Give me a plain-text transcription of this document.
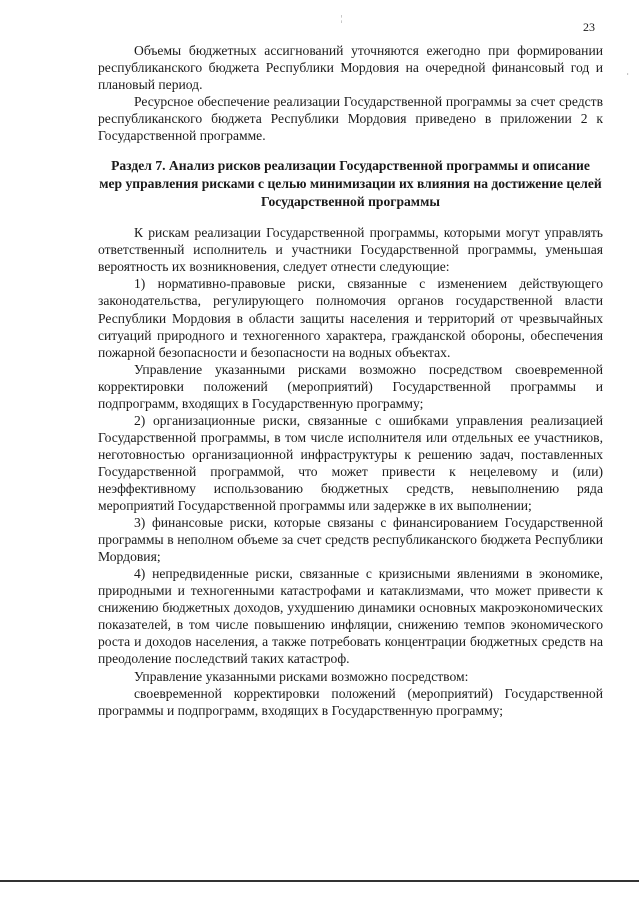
¦
23
·

Объемы бюджетных ассигнований уточняются ежегодно при формировании республиканского бюджета Республики Мордовия на очередной финансовый год и плановый период.

Ресурсное обеспечение реализации Государственной программы за счет средств республиканского бюджета Республики Мордовия приведено в приложении 2 к Государственной программе.

Раздел 7. Анализ рисков реализации Государственной программы и описание мер управления рисками с целью минимизации их влияния на достижение целей Государственной программы

К рискам реализации Государственной программы, которыми могут управлять ответственный исполнитель и участники Государственной программы, уменьшая вероятность их возникновения, следует отнести следующие:

1) нормативно-правовые риски, связанные с изменением действующего законодательства, регулирующего полномочия органов государственной власти Республики Мордовия в области защиты населения и территорий от чрезвычайных ситуаций природного и техногенного характера, гражданской обороны, обеспечения пожарной безопасности и безопасности на водных объектах.

Управление указанными рисками возможно посредством своевременной корректировки положений (мероприятий) Государственной программы и подпрограмм, входящих в Государственную программу;

2) организационные риски, связанные с ошибками управления реализацией Государственной программы, в том числе исполнителя или отдельных ее участников, неготовностью организационной инфраструктуры к решению задач, поставленных Государственной программой, что может привести к нецелевому и (или) неэффективному использованию бюджетных средств, невыполнению ряда мероприятий Государственной программы или задержке в их выполнении;

3) финансовые риски, которые связаны с финансированием Государственной программы в неполном объеме за счет средств республиканского бюджета Республики Мордовия;

4) непредвиденные риски, связанные с кризисными явлениями в экономике, природными и техногенными катастрофами и катаклизмами, что может привести к снижению бюджетных доходов, ухудшению динамики основных макроэкономических показателей, в том числе повышению инфляции, снижению темпов экономического роста и доходов населения, а также потребовать концентрации бюджетных средств на преодоление последствий таких катастроф.

Управление указанными рисками возможно посредством:

своевременной корректировки положений (мероприятий) Государственной программы и подпрограмм, входящих в Государственную программу;
